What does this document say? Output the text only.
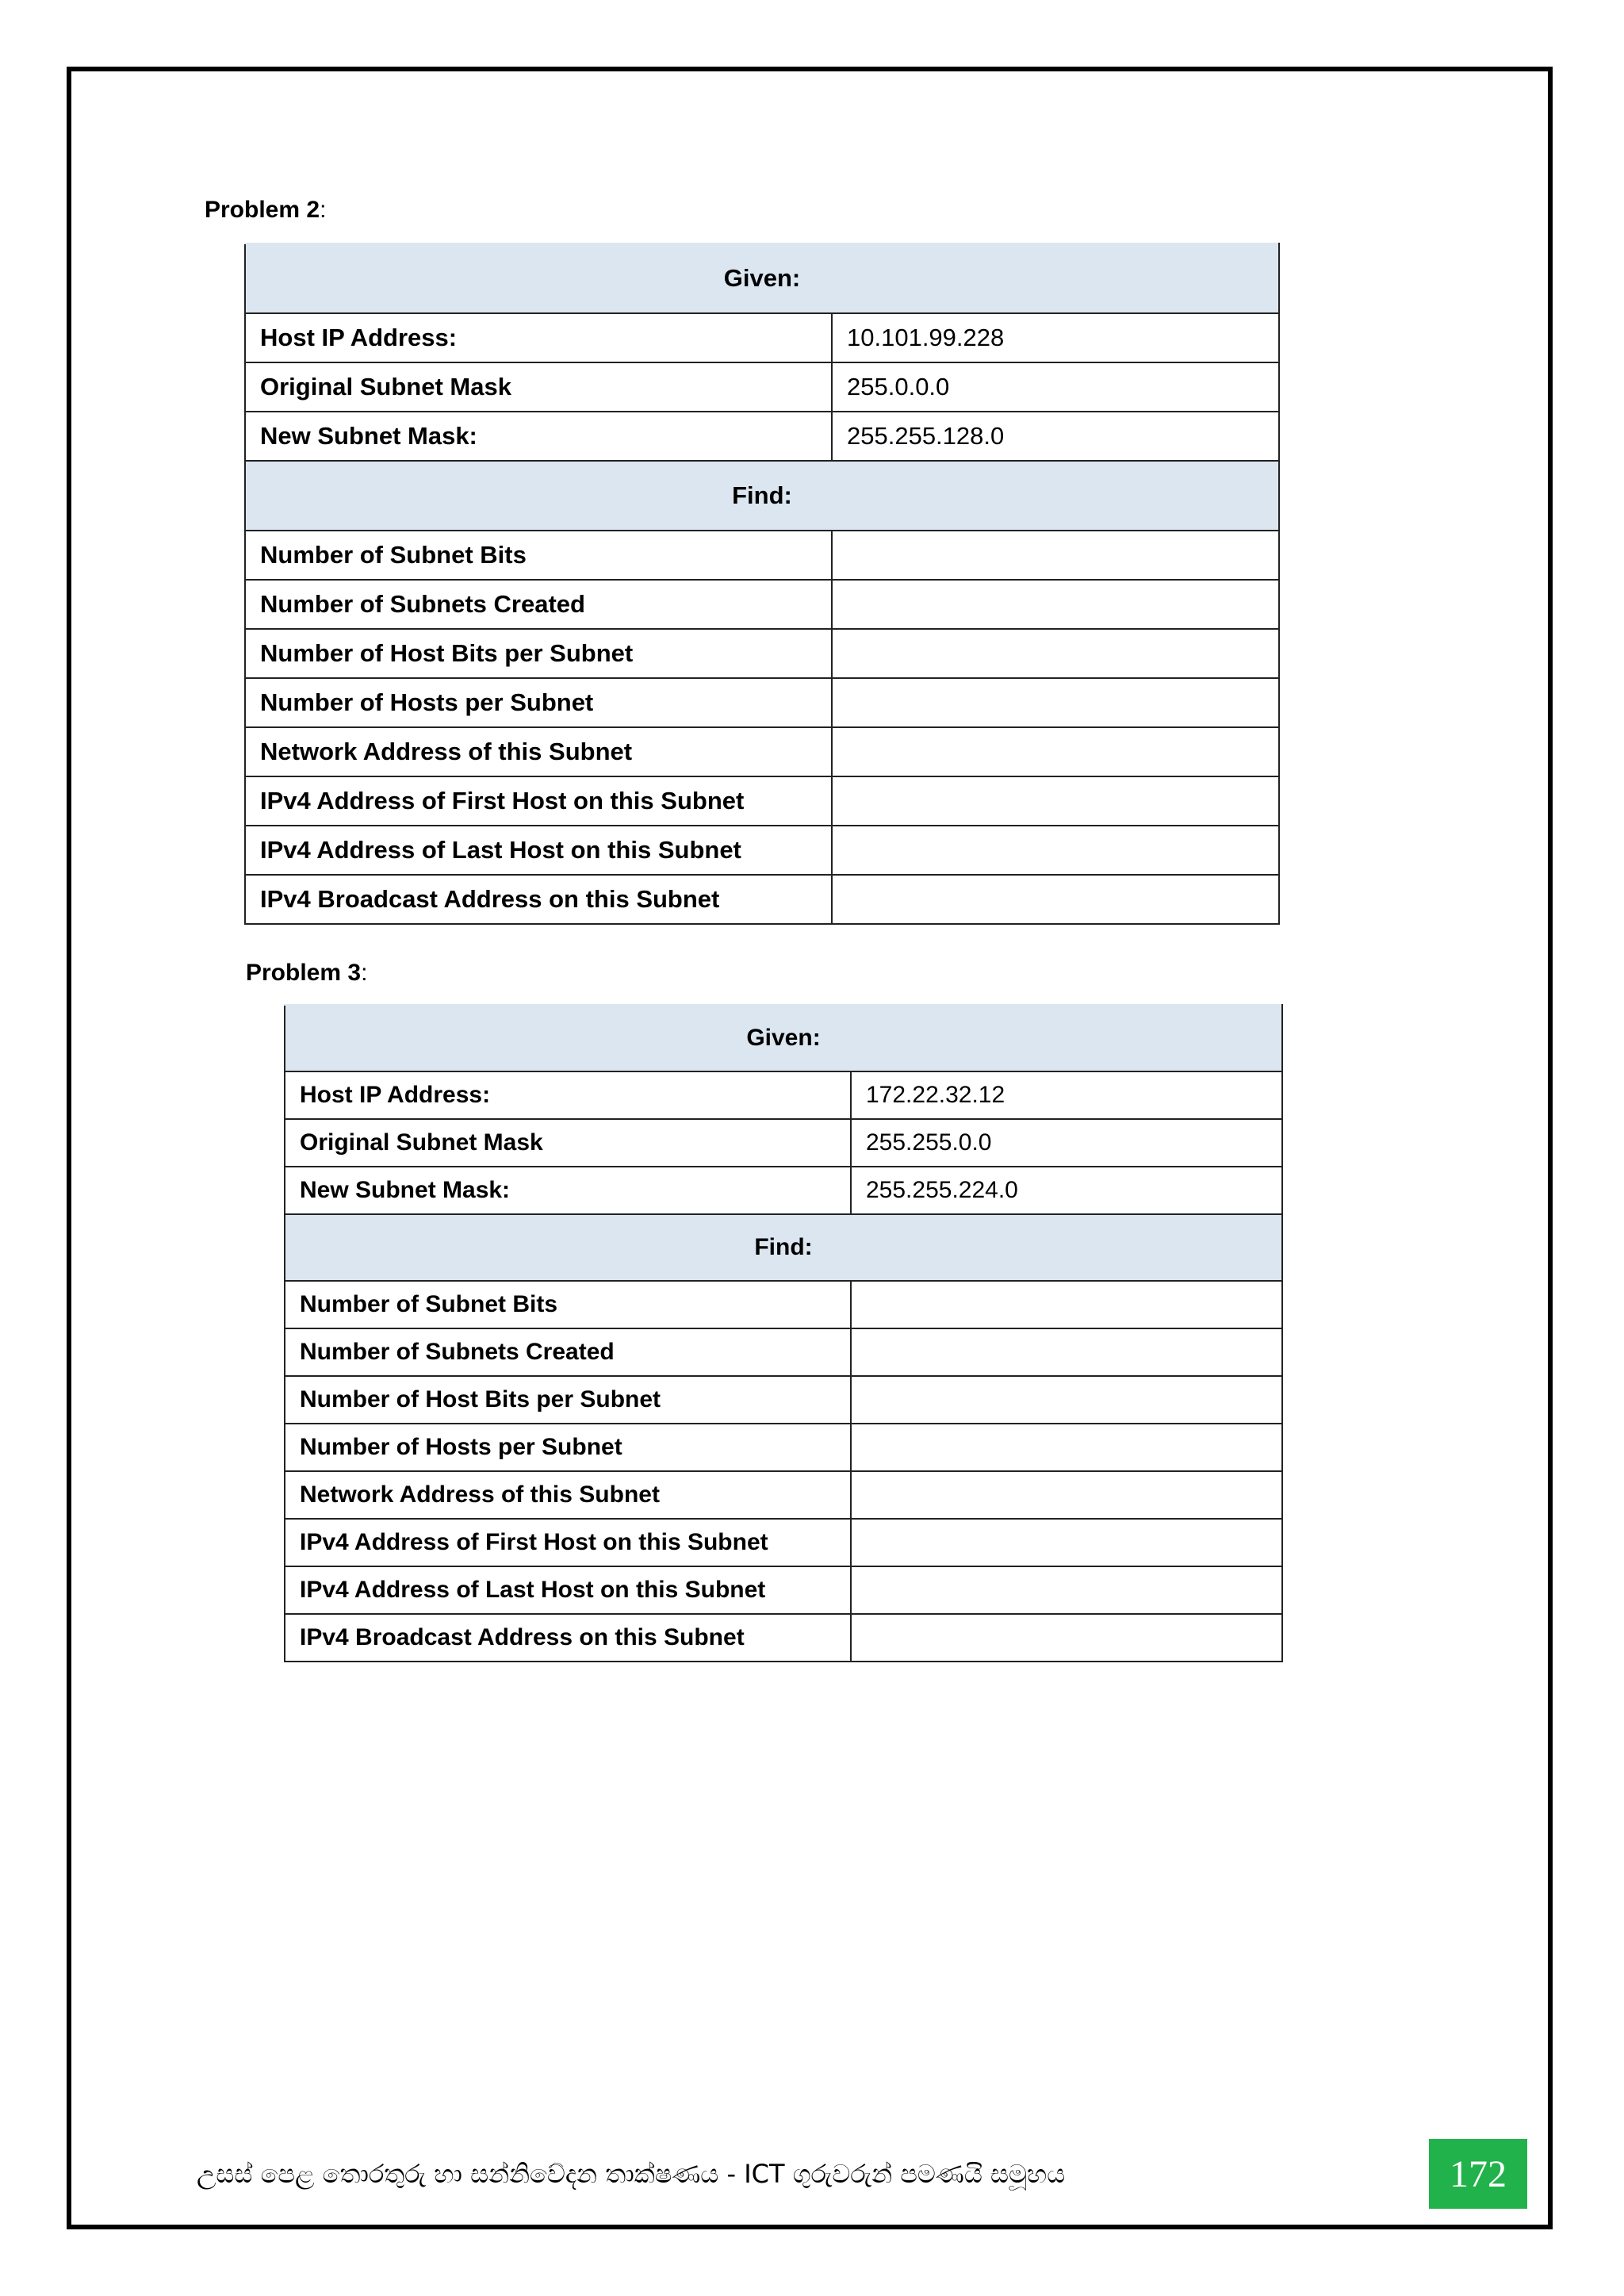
Problem 2:
Given:	
Host IP Address:	10.101.99.228
Original Subnet Mask	255.0.0.0
New Subnet Mask:	255.255.128.0
Find:	
Number of Subnet Bits	
Number of Subnets Created	
Number of Host Bits per Subnet	
Number of Hosts per Subnet	
Network Address of this Subnet	
IPv4 Address of First Host on this Subnet	
IPv4 Address of Last Host on this Subnet	
IPv4 Broadcast Address on this Subnet	
Problem 3:
Given:	
Host IP Address:	172.22.32.12
Original Subnet Mask	255.255.0.0
New Subnet Mask:	255.255.224.0
Find:	
Number of Subnet Bits	
Number of Subnets Created	
Number of Host Bits per Subnet	
Number of Hosts per Subnet	
Network Address of this Subnet	
IPv4 Address of First Host on this Subnet	
IPv4 Address of Last Host on this Subnet	
IPv4 Broadcast Address on this Subnet	
උසස් පෙළ තොරතුරු හා සන්නිවේදන තාක්ෂණය - ICT ගුරුවරුන් පමණයි සමූහය	172
